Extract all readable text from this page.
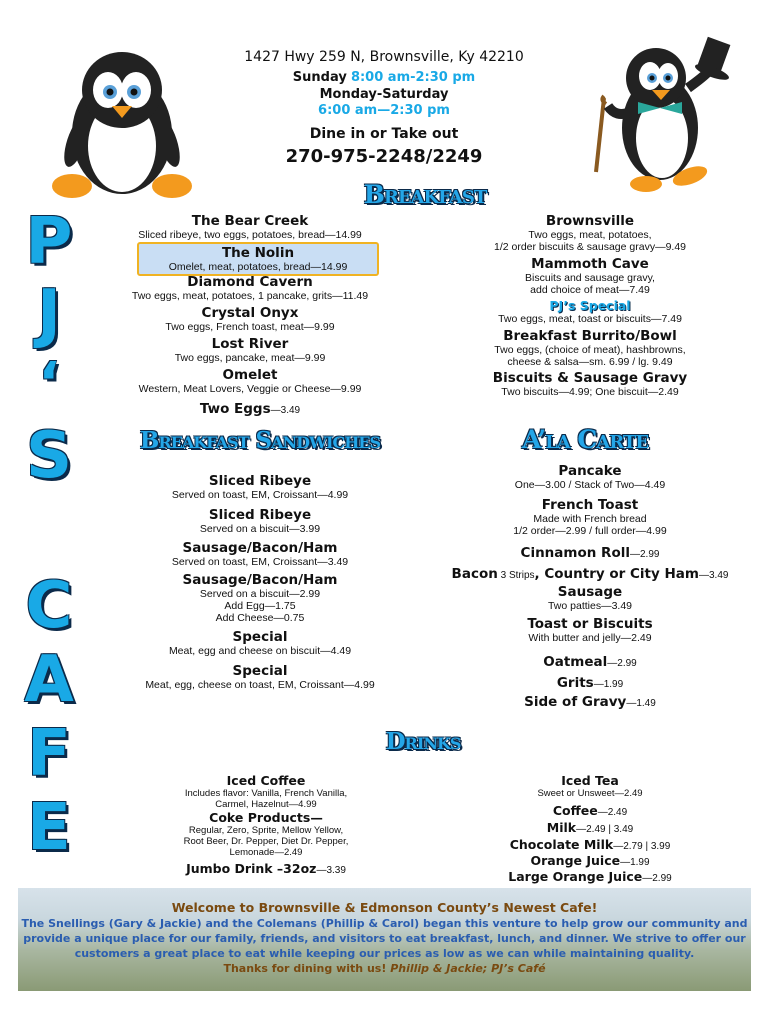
1427 Hwy 259 N, Brownsville, Ky 42210
Sunday 8:00 am-2:30 pm
Monday-Saturday
6:00 am—2:30 pm
Dine in or Take out
270-975-2248/2249
P
J
‘
S
C
A
F
E
Breakfast
Breakfast Sandwiches	A’la Carte
Drinks
The Bear Creek
Sliced ribeye, two eggs, potatoes, bread—14.99
The Nolin
Omelet, meat, potatoes, bread—14.99
Diamond Cavern
Two eggs, meat, potatoes, 1 pancake, grits—11.49
Crystal Onyx
Two eggs, French toast, meat—9.99
Lost River
Two eggs, pancake, meat—9.99
Omelet
Western, Meat Lovers, Veggie or Cheese—9.99
Two Eggs—3.49
Brownsville
Two eggs, meat, potatoes,
1/2 order biscuits & sausage gravy—9.49
Mammoth Cave
Biscuits and sausage gravy,
add choice of meat—7.49
PJ’s Special
Two eggs, meat, toast or biscuits—7.49
Breakfast Burrito/Bowl
Two eggs, (choice of meat), hashbrowns,
cheese & salsa—sm. 6.99 / lg. 9.49
Biscuits & Sausage Gravy
Two biscuits—4.99; One biscuit—2.49
Sliced Ribeye
Served on toast, EM, Croissant—4.99
Sliced Ribeye
Served on a biscuit—3.99
Sausage/Bacon/Ham
Served on toast, EM, Croissant—3.49
Sausage/Bacon/Ham
Served on a biscuit—2.99
Add Egg—1.75
Add Cheese—0.75
Special
Meat, egg and cheese on biscuit—4.49
Special
Meat, egg, cheese on toast, EM, Croissant—4.99
Pancake
One—3.00 / Stack of Two—4.49
French Toast
Made with French bread
1/2 order—2.99 / full order—4.99
Cinnamon Roll—2.99
Bacon 3 Strips, Country or City Ham—3.49
Sausage
Two patties—3.49
Toast or Biscuits
With butter and jelly—2.49
Oatmeal—2.99
Grits—1.99
Side of Gravy—1.49
Iced Coffee
Includes flavor: Vanilla, French Vanilla,
Carmel, Hazelnut—4.99
Coke Products—
Regular, Zero, Sprite, Mellow Yellow,
Root Beer, Dr. Pepper, Diet Dr. Pepper,
Lemonade—2.49
Jumbo Drink –32oz—3.39
Iced Tea
Sweet or Unsweet—2.49
Coffee—2.49
Milk—2.49 | 3.49
Chocolate Milk—2.79 | 3.99
Orange Juice—1.99
Large Orange Juice—2.99
Welcome to Brownsville & Edmonson County’s Newest Cafe!
The Snellings (Gary & Jackie) and the Colemans (Phillip & Carol) began this venture to help grow our community and
provide a unique place for our family, friends, and visitors to eat breakfast, lunch, and dinner. We strive to offer our
customers a great place to eat while keeping our prices as low as we can while maintaining quality.
Thanks for dining with us! Phillip & Jackie; PJ’s Café
